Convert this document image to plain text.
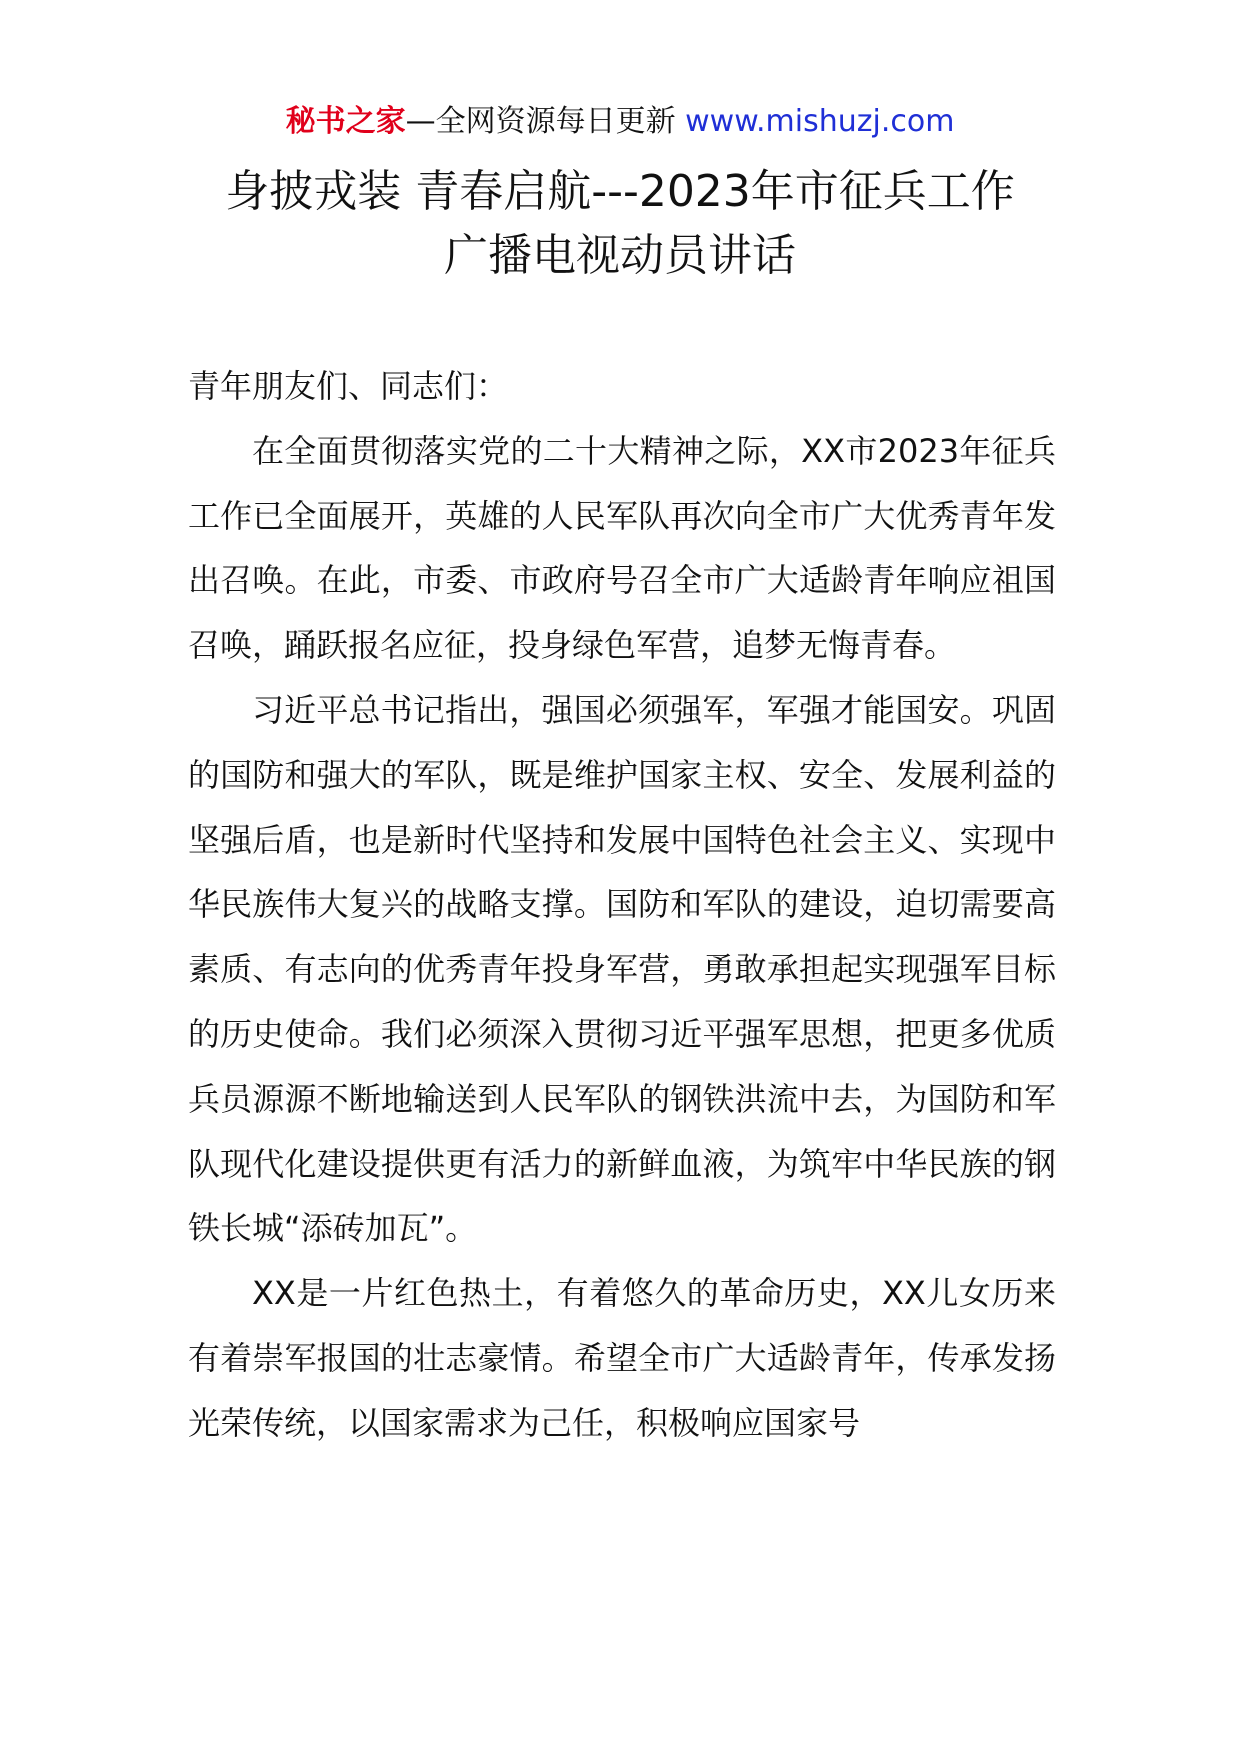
秘书之家—全网资源每日更新 www.mishuzj.com
身披戎装 青春启航---2023年市征兵工作
广播电视动员讲话

青年朋友们、同志们：

在全面贯彻落实党的二十大精神之际，XX市2023年征兵工作已全面展开，英雄的人民军队再次向全市广大优秀青年发出召唤。在此，市委、市政府号召全市广大适龄青年响应祖国召唤，踊跃报名应征，投身绿色军营，追梦无悔青春。

习近平总书记指出，强国必须强军，军强才能国安。巩固的国防和强大的军队，既是维护国家主权、安全、发展利益的坚强后盾，也是新时代坚持和发展中国特色社会主义、实现中华民族伟大复兴的战略支撑。国防和军队的建设，迫切需要高素质、有志向的优秀青年投身军营，勇敢承担起实现强军目标的历史使命。我们必须深入贯彻习近平强军思想，把更多优质兵员源源不断地输送到人民军队的钢铁洪流中去，为国防和军队现代化建设提供更有活力的新鲜血液，为筑牢中华民族的钢铁长城“添砖加瓦”。

XX是一片红色热土，有着悠久的革命历史，XX儿女历来有着崇军报国的壮志豪情。希望全市广大适龄青年，传承发扬光荣传统，以国家需求为己任，积极响应国家号
